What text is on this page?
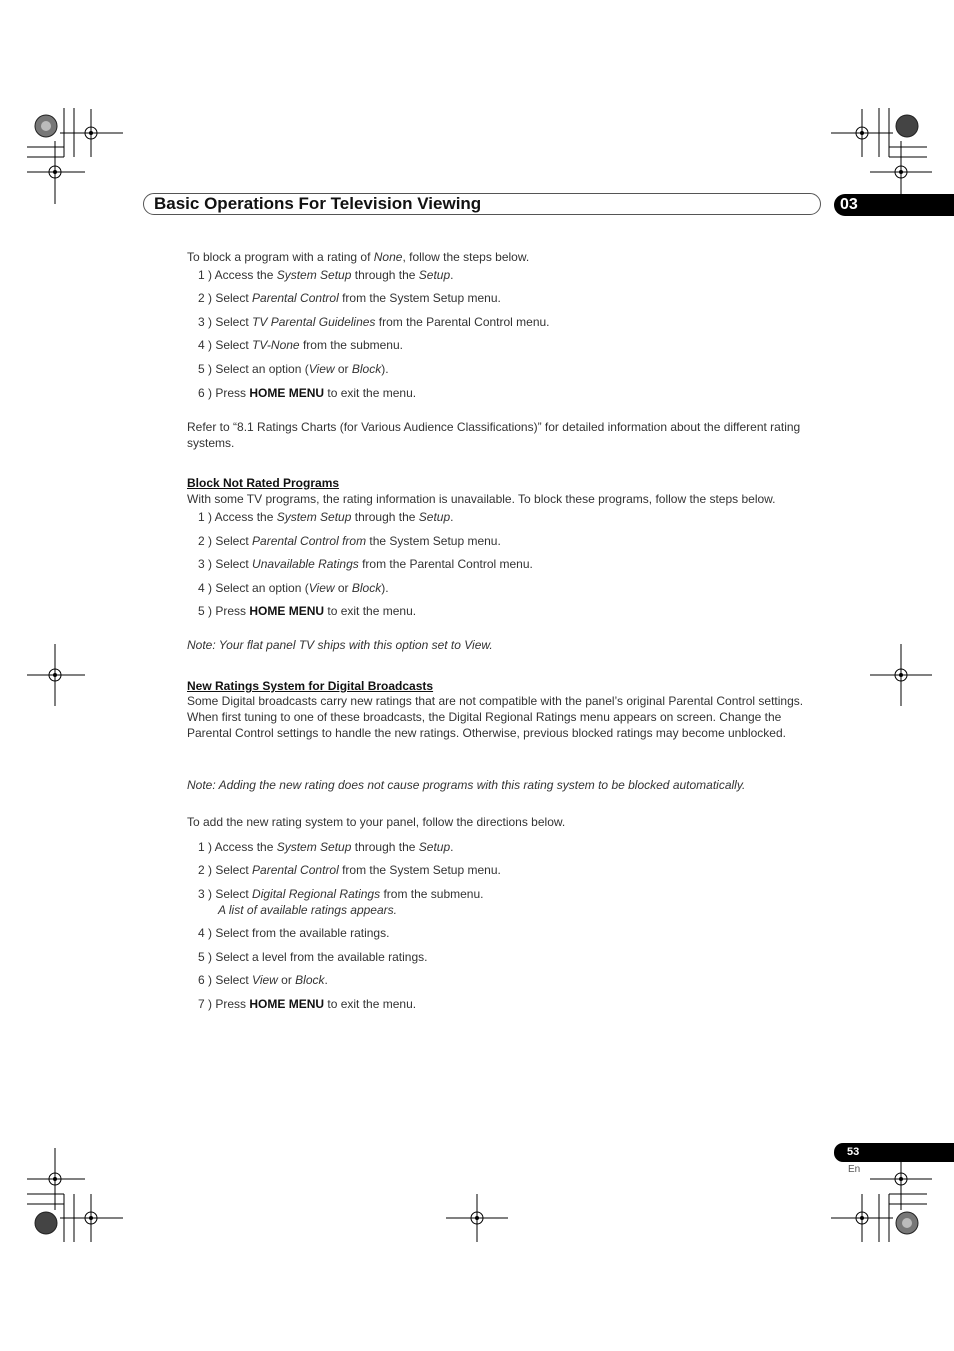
Basic Operations For Television Viewing	03
To block a program with a rating of None, follow the steps below.
1 ) Access the System Setup through the Setup.
2 ) Select Parental Control from the System Setup menu.
3 ) Select TV Parental Guidelines from the Parental Control menu.
4 ) Select TV-None from the submenu.
5 ) Select an option (View or Block).
6 ) Press HOME MENU to exit the menu.
Refer to “8.1 Ratings Charts (for Various Audience Classifications)” for detailed information about the different rating systems.
Block Not Rated Programs
With some TV programs, the rating information is unavailable. To block these programs, follow the steps below.
1 ) Access the System Setup through the Setup.
2 ) Select Parental Control from the System Setup menu.
3 ) Select Unavailable Ratings from the Parental Control menu.
4 ) Select an option (View or Block).
5 ) Press HOME MENU to exit the menu.
Note: Your flat panel TV ships with this option set to View.
New Ratings System for Digital Broadcasts
Some Digital broadcasts carry new ratings that are not compatible with the panel’s original Parental Control settings. When first tuning to one of these broadcasts, the Digital Regional Ratings menu appears on screen. Change the Parental Control settings to handle the new ratings. Otherwise, previous blocked ratings may become unblocked.
Note: Adding the new rating does not cause programs with this rating system to be blocked automatically.
To add the new rating system to your panel, follow the directions below.
1 ) Access the System Setup through the Setup.
2 ) Select Parental Control from the System Setup menu.
3 ) Select Digital Regional Ratings from the submenu.
A list of available ratings appears.
4 ) Select from the available ratings.
5 ) Select a level from the available ratings.
6 ) Select View or Block.
7 ) Press HOME MENU to exit the menu.
53
En
